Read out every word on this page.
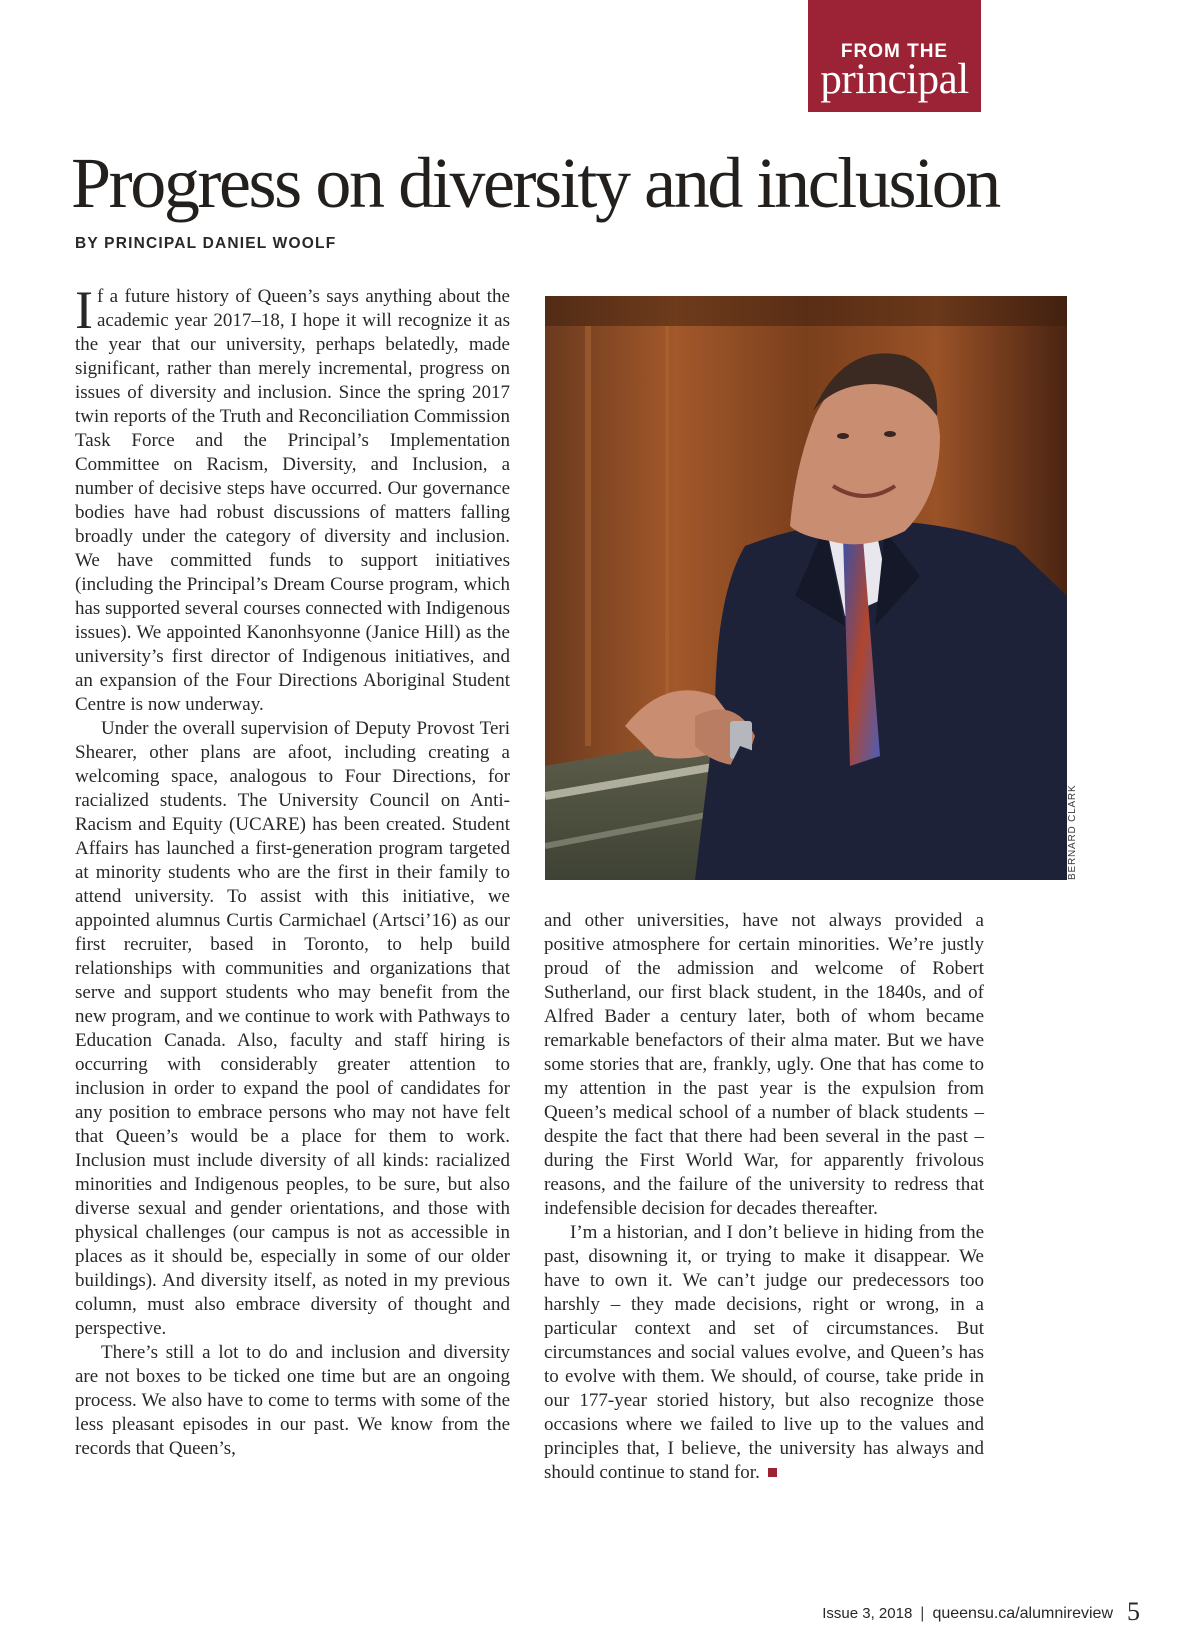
FROM THE
principal
Progress on diversity and inclusion

BY PRINCIPAL DANIEL WOOLF

If a future history of Queen’s says anything about the academic year 2017–18, I hope it will recognize it as the year that our university, perhaps belatedly, made significant, rather than merely incremental, progress on issues of diversity and inclusion. Since the spring 2017 twin reports of the Truth and Reconciliation Commission Task Force and the Principal’s Implementation Committee on Racism, Diversity, and Inclusion, a number of decisive steps have occurred. Our governance bodies have had robust discussions of matters falling broadly under the category of diversity and inclusion. We have committed funds to support initiatives (including the Principal’s Dream Course program, which has supported several courses connected with Indigenous issues). We appointed Kanonhsyonne (Janice Hill) as the university’s first director of Indigenous initiatives, and an expansion of the Four Directions Aboriginal Student Centre is now underway.

Under the overall supervision of Deputy Provost Teri Shearer, other plans are afoot, including creating a welcoming space, analogous to Four Directions, for racialized students. The University Council on Anti-Racism and Equity (UCARE) has been created. Student Affairs has launched a first-generation program targeted at minority students who are the first in their family to attend university. To assist with this initiative, we appointed alumnus Curtis Carmichael (Artsci’16) as our first recruiter, based in Toronto, to help build relationships with communities and organizations that serve and support students who may benefit from the new program, and we continue to work with Pathways to Education Canada. Also, faculty and staff hiring is occurring with considerably greater attention to inclusion in order to expand the pool of candidates for any position to embrace persons who may not have felt that Queen’s would be a place for them to work. Inclusion must include diversity of all kinds: racialized minorities and Indigenous peoples, to be sure, but also diverse sexual and gender orientations, and those with physical challenges (our campus is not as accessible in places as it should be, especially in some of our older buildings). And diversity itself, as noted in my previous column, must also embrace diversity of thought and perspective.

There’s still a lot to do and inclusion and diversity are not boxes to be ticked one time but are an ongoing process. We also have to come to terms with some of the less pleasant episodes in our past. We know from the records that Queen’s,

BERNARD CLARK

and other universities, have not always provided a positive atmosphere for certain minorities. We’re justly proud of the admission and welcome of Robert Sutherland, our first black student, in the 1840s, and of Alfred Bader a century later, both of whom became remarkable benefactors of their alma mater. But we have some stories that are, frankly, ugly. One that has come to my attention in the past year is the expulsion from Queen’s medical school of a number of black students – despite the fact that there had been several in the past – during the First World War, for apparently frivolous reasons, and the failure of the university to redress that indefensible decision for decades thereafter.

I’m a historian, and I don’t believe in hiding from the past, disowning it, or trying to make it disappear. We have to own it. We can’t judge our predecessors too harshly – they made decisions, right or wrong, in a particular context and set of circumstances. But circumstances and social values evolve, and Queen’s has to evolve with them. We should, of course, take pride in our 177-year storied history, but also recognize those occasions where we failed to live up to the values and principles that, I believe, the university has always and should continue to stand for.

Issue 3, 2018 | queensu.ca/alumnireview 5
